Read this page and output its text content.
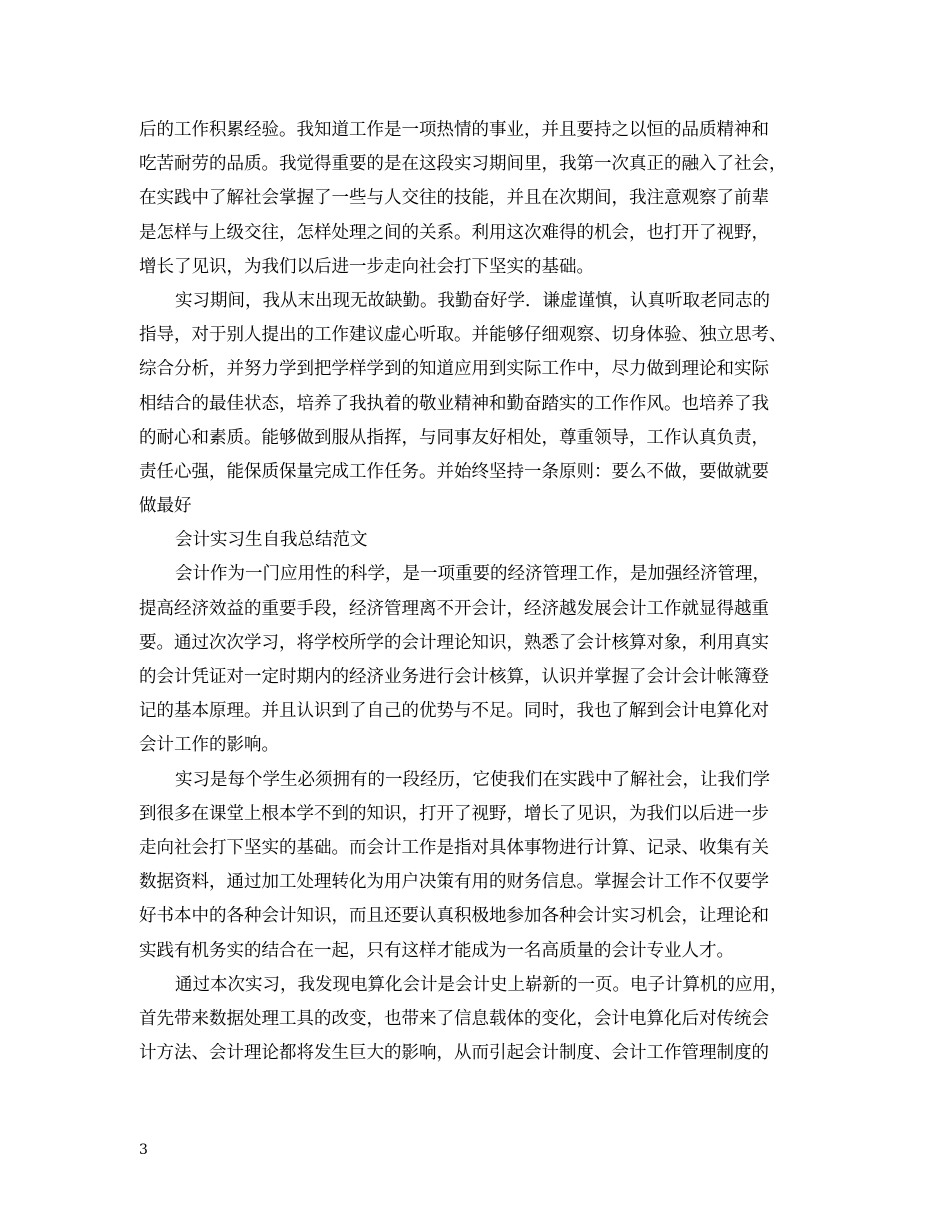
后的工作积累经验。我知道工作是一项热情的事业，并且要持之以恒的品质精神和
吃苦耐劳的品质。我觉得重要的是在这段实习期间里，我第一次真正的融入了社会，
在实践中了解社会掌握了一些与人交往的技能，并且在次期间，我注意观察了前辈
是怎样与上级交往，怎样处理之间的关系。利用这次难得的机会，也打开了视野，
增长了见识，为我们以后进一步走向社会打下坚实的基础。
实习期间，我从末出现无故缺勤。我勤奋好学．谦虚谨慎，认真听取老同志的
指导，对于别人提出的工作建议虚心听取。并能够仔细观察、切身体验、独立思考、
综合分析，并努力学到把学样学到的知道应用到实际工作中，尽力做到理论和实际
相结合的最佳状态，培养了我执着的敬业精神和勤奋踏实的工作作风。也培养了我
的耐心和素质。能够做到服从指挥，与同事友好相处，尊重领导，工作认真负责，
责任心强，能保质保量完成工作任务。并始终坚持一条原则：要么不做，要做就要
做最好
会计实习生自我总结范文
会计作为一门应用性的科学，是一项重要的经济管理工作，是加强经济管理，
提高经济效益的重要手段，经济管理离不开会计，经济越发展会计工作就显得越重
要。通过次次学习，将学校所学的会计理论知识，熟悉了会计核算对象，利用真实
的会计凭证对一定时期内的经济业务进行会计核算，认识并掌握了会计会计帐簿登
记的基本原理。并且认识到了自己的优势与不足。同时，我也了解到会计电算化对
会计工作的影响。
实习是每个学生必须拥有的一段经历，它使我们在实践中了解社会，让我们学
到很多在课堂上根本学不到的知识，打开了视野，增长了见识，为我们以后进一步
走向社会打下坚实的基础。而会计工作是指对具体事物进行计算、记录、收集有关
数据资料，通过加工处理转化为用户决策有用的财务信息。掌握会计工作不仅要学
好书本中的各种会计知识，而且还要认真积极地参加各种会计实习机会，让理论和
实践有机务实的结合在一起，只有这样才能成为一名高质量的会计专业人才。
通过本次实习，我发现电算化会计是会计史上崭新的一页。电子计算机的应用，
首先带来数据处理工具的改变，也带来了信息载体的变化，会计电算化后对传统会
计方法、会计理论都将发生巨大的影响，从而引起会计制度、会计工作管理制度的
3
